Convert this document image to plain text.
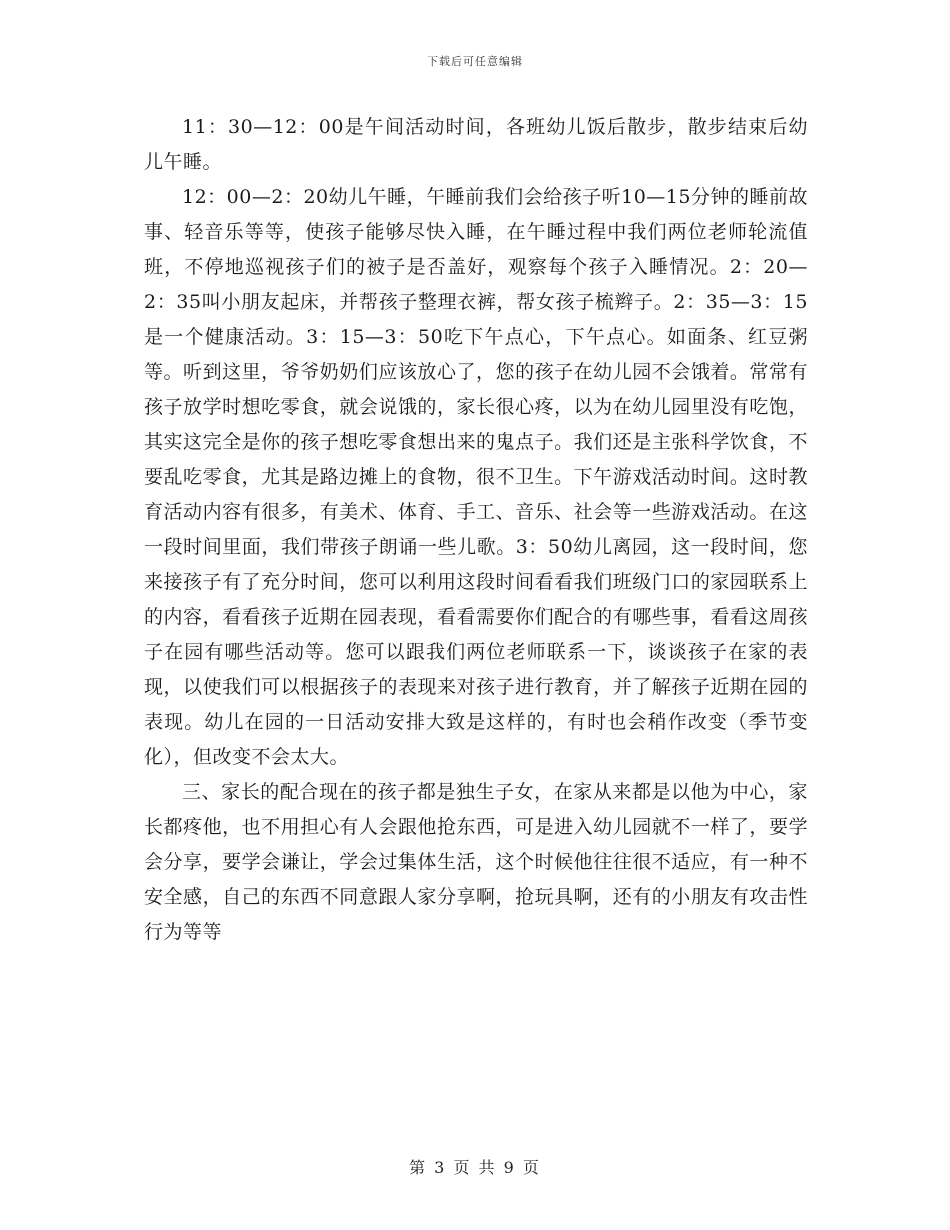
下载后可任意编辑

11：30—12：00是午间活动时间，各班幼儿饭后散步，散步结束后幼儿午睡。

12：00—2：20幼儿午睡，午睡前我们会给孩子听10—15分钟的睡前故事、轻音乐等等，使孩子能够尽快入睡，在午睡过程中我们两位老师轮流值班，不停地巡视孩子们的被子是否盖好，观察每个孩子入睡情况。2：20—2：35叫小朋友起床，并帮孩子整理衣裤，帮女孩子梳辫子。2：35—3：15 是一个健康活动。3：15—3：50吃下午点心，下午点心。如面条、红豆粥等。听到这里，爷爷奶奶们应该放心了，您的孩子在幼儿园不会饿着。常常有孩子放学时想吃零食，就会说饿的，家长很心疼，以为在幼儿园里没有吃饱，其实这完全是你的孩子想吃零食想出来的鬼点子。我们还是主张科学饮食，不要乱吃零食，尤其是路边摊上的食物，很不卫生。下午游戏活动时间。这时教育活动内容有很多，有美术、体育、手工、音乐、社会等一些游戏活动。在这一段时间里面，我们带孩子朗诵一些儿歌。3：50幼儿离园，这一段时间，您来接孩子有了充分时间，您可以利用这段时间看看我们班级门口的家园联系上的内容，看看孩子近期在园表现，看看需要你们配合的有哪些事，看看这周孩子在园有哪些活动等。您可以跟我们两位老师联系一下，谈谈孩子在家的表现，以使我们可以根据孩子的表现来对孩子进行教育，并了解孩子近期在园的表现。幼儿在园的一日活动安排大致是这样的，有时也会稍作改变（季节变化），但改变不会太大。

三、家长的配合现在的孩子都是独生子女，在家从来都是以他为中心，家长都疼他，也不用担心有人会跟他抢东西，可是进入幼儿园就不一样了，要学会分享，要学会谦让，学会过集体生活，这个时候他往往很不适应，有一种不安全感，自己的东西不同意跟人家分享啊，抢玩具啊，还有的小朋友有攻击性行为等等

第 3 页 共 9 页
